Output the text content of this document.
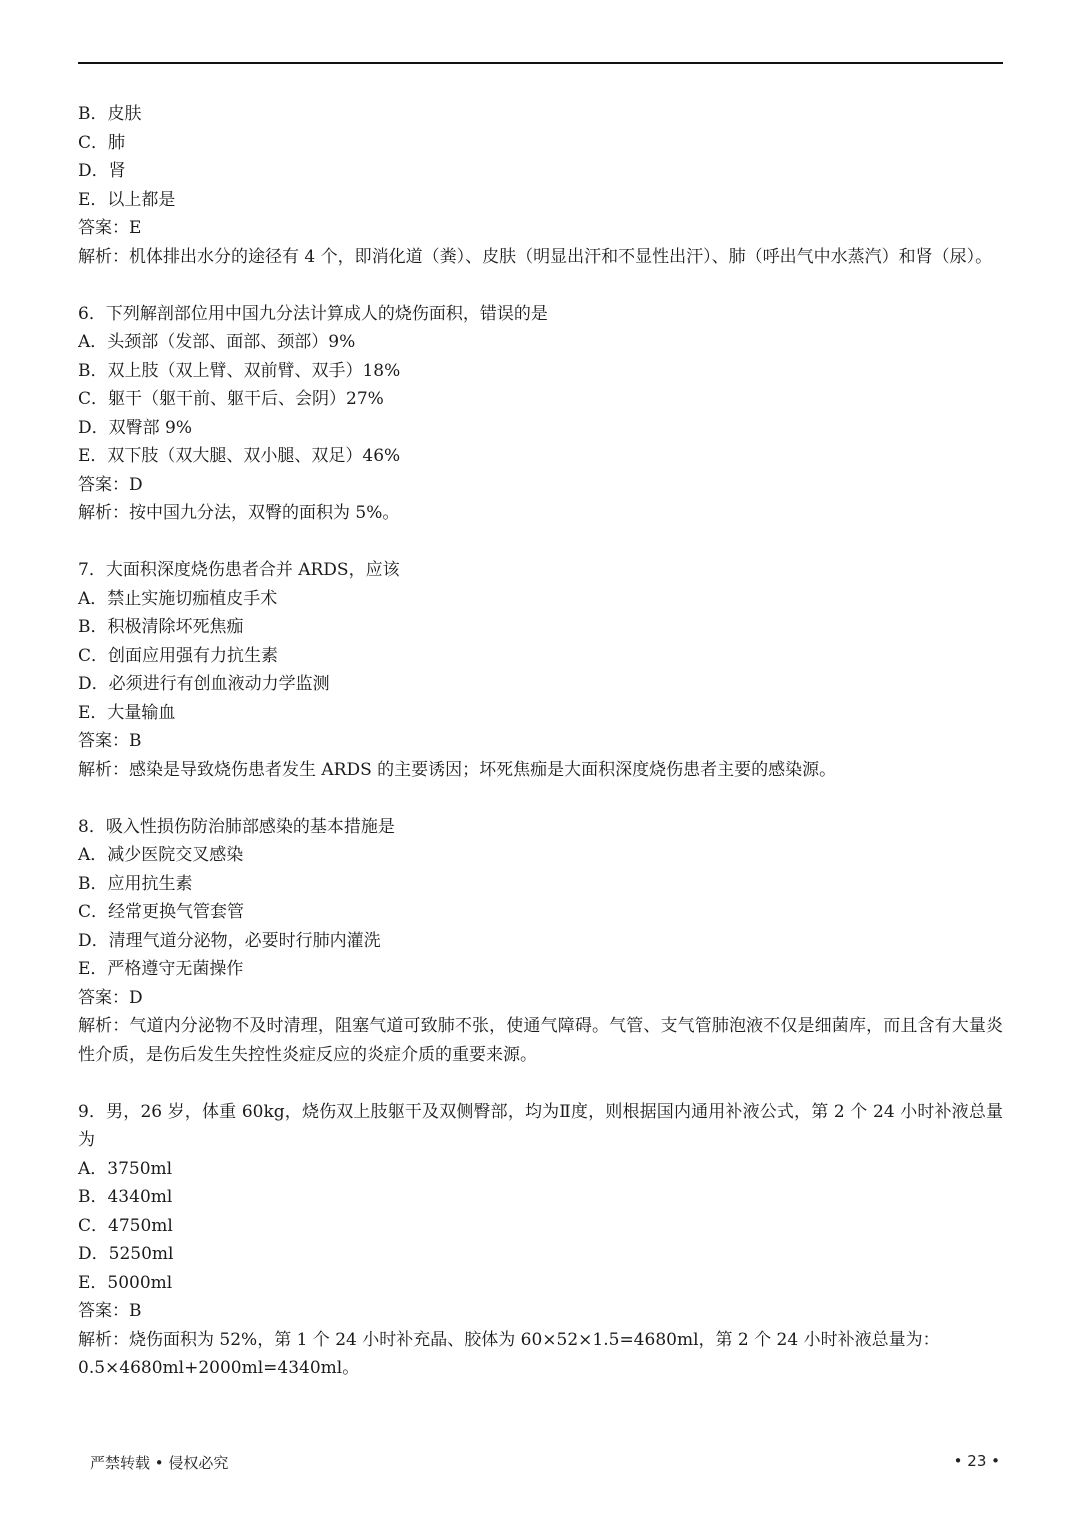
B．皮肤
C．肺
D．肾
E．以上都是
答案：E
解析：机体排出水分的途径有 4 个，即消化道（粪）、皮肤（明显出汗和不显性出汗）、肺（呼出气中水蒸汽）和肾（尿）。
6．下列解剖部位用中国九分法计算成人的烧伤面积，错误的是
A．头颈部（发部、面部、颈部）9%
B．双上肢（双上臂、双前臂、双手）18%
C．躯干（躯干前、躯干后、会阴）27%
D．双臀部 9%
E．双下肢（双大腿、双小腿、双足）46%
答案：D
解析：按中国九分法，双臀的面积为 5%。
7．大面积深度烧伤患者合并 ARDS，应该
A．禁止实施切痂植皮手术
B．积极清除坏死焦痂
C．创面应用强有力抗生素
D．必须进行有创血液动力学监测
E．大量输血
答案：B
解析：感染是导致烧伤患者发生 ARDS 的主要诱因；坏死焦痂是大面积深度烧伤患者主要的感染源。
8．吸入性损伤防治肺部感染的基本措施是
A．减少医院交叉感染
B．应用抗生素
C．经常更换气管套管
D．清理气道分泌物，必要时行肺内灌洗
E．严格遵守无菌操作
答案：D
解析：气道内分泌物不及时清理，阻塞气道可致肺不张，使通气障碍。气管、支气管肺泡液不仅是细菌库，而且含有大量炎性介质，是伤后发生失控性炎症反应的炎症介质的重要来源。
9．男，26 岁，体重 60kg，烧伤双上肢躯干及双侧臀部，均为Ⅱ度，则根据国内通用补液公式，第 2 个 24 小时补液总量为
A．3750ml
B．4340ml
C．4750ml
D．5250ml
E．5000ml
答案：B
解析：烧伤面积为 52%，第 1 个 24 小时补充晶、胶体为 60×52×1.5=4680ml，第 2 个 24 小时补液总量为：
0.5×4680ml+2000ml=4340ml。
严禁转载 • 侵权必究	• 23 •
